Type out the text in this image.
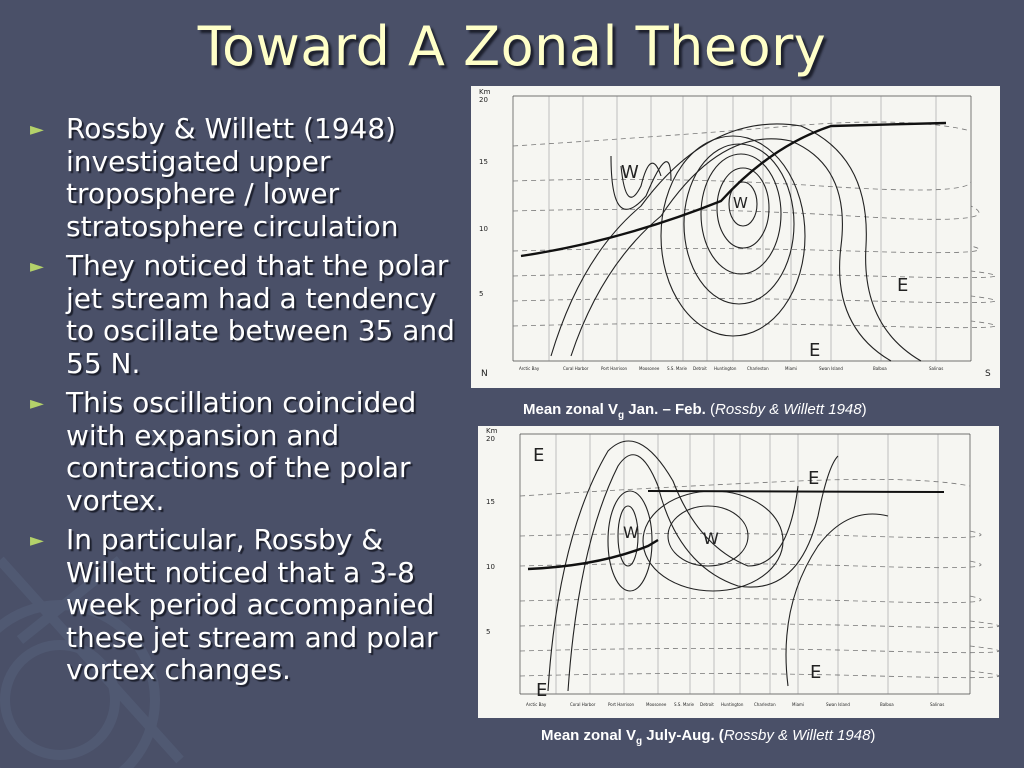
Toward A Zonal Theory
► Rossby & Willett (1948) investigated upper troposphere / lower stratosphere circulation
► They noticed that the polar jet stream had a tendency to oscillate between 35 and 55 N.
► This oscillation coincided with expansion and contractions of the polar vortex.
► In particular, Rossby & Willett noticed that a 3-8 week period accompanied these jet stream and polar vortex changes.
Km
20
15
10
5
N	S
W
W
E
E
Arctic Bay	Coral Harbor	Port Harrison	Moosonee S.S. Marie Detroit Huntington	Charleston	Miami	Swan Island	Balboa	Salinas
Mean zonal $V_g$ Jan. – Feb. (Rossby & Willett 1948)
Km
20
15
10
5
E
W	W
E
E
E
Arctic Bay	Coral Harbor	Port Harrison	Moosonee S.S. Marie Detroit Huntington	Charleston	Miami	Swan Island	Balboa	Salinas
Mean zonal $V_g$ July-Aug. (Rossby & Willett 1948)
